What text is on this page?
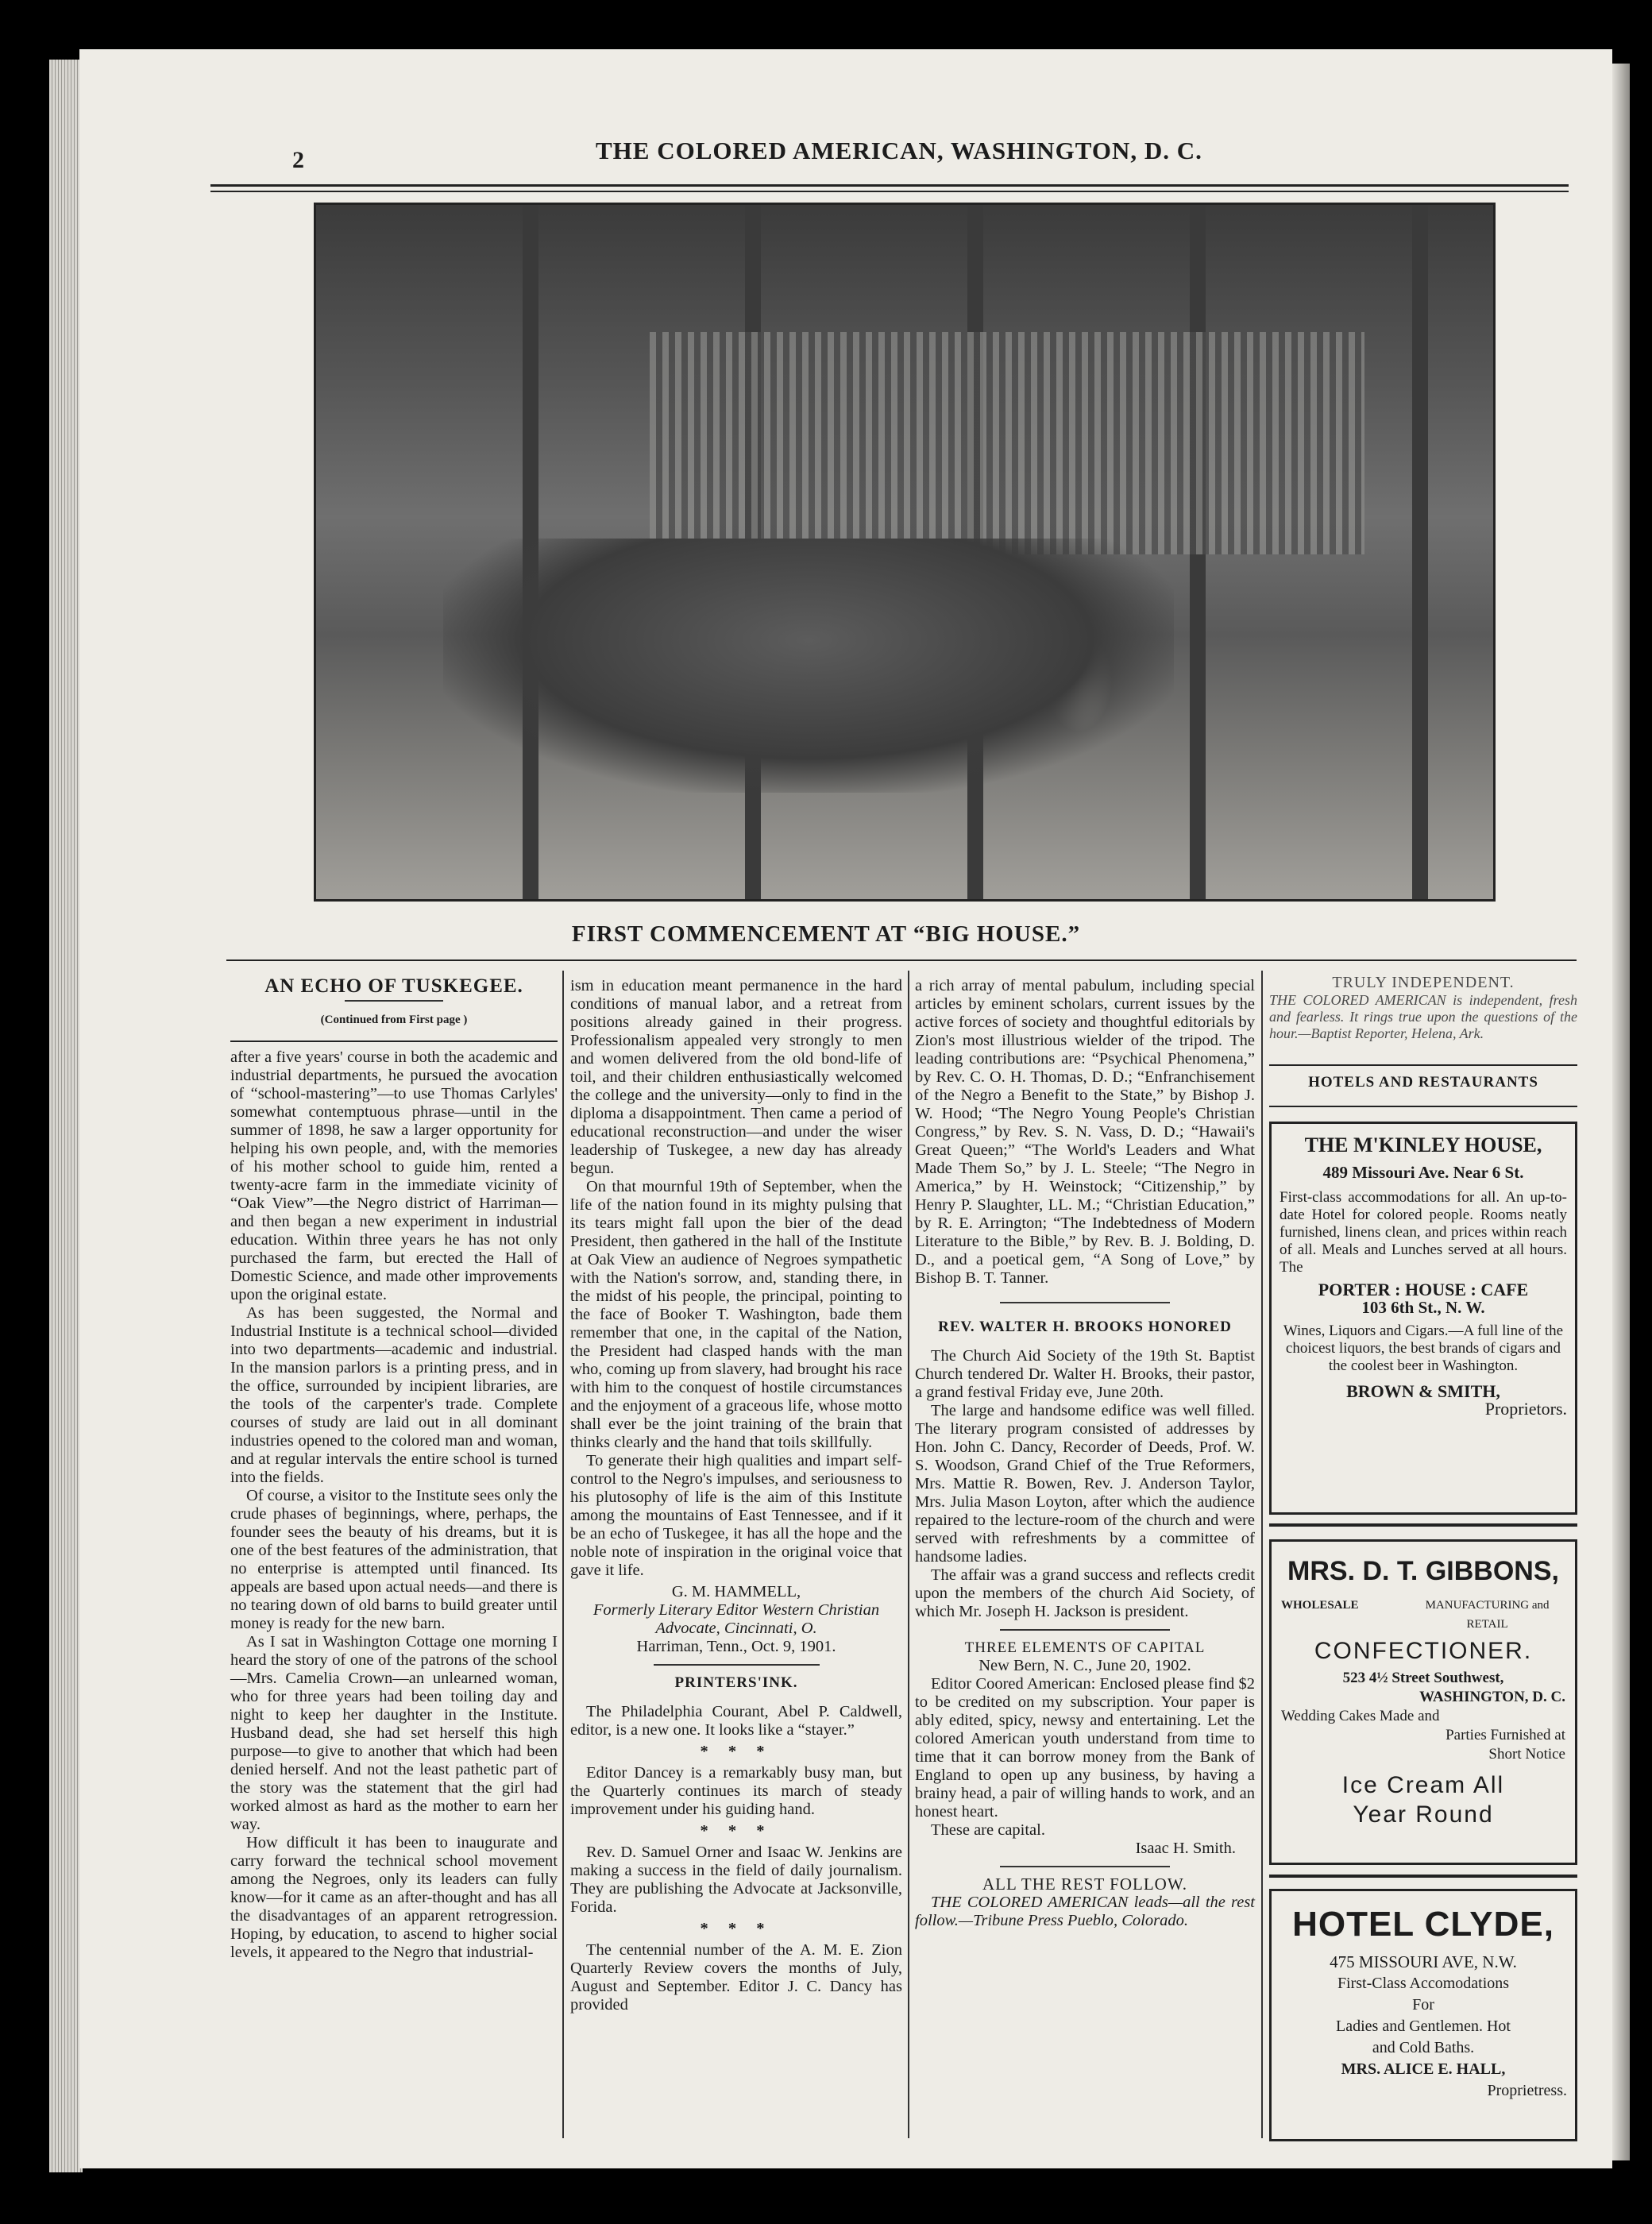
2	THE COLORED AMERICAN, WASHINGTON, D. C.
FIRST COMMENCEMENT AT “BIG HOUSE.”
AN ECHO OF TUSKEGEE.
(Continued from First page )

after a five years' course in both the academic and industrial departments, he pursued the avocation of “school-mastering”—to use Thomas Carlyles' somewhat contemptuous phrase—until in the summer of 1898, he saw a larger opportunity for helping his own people, and, with the memories of his mother school to guide him, rented a twenty-acre farm in the immediate vicinity of “Oak View”—the Negro district of Harriman—and then began a new experiment in industrial education. Within three years he has not only purchased the farm, but erected the Hall of Domestic Science, and made other improvements upon the original estate.

As has been suggested, the Normal and Industrial Institute is a technical school—divided into two departments—academic and industrial. In the mansion parlors is a printing press, and in the office, surrounded by incipient libraries, are the tools of the carpenter's trade. Complete courses of study are laid out in all dominant industries opened to the colored man and woman, and at regular intervals the entire school is turned into the fields.

Of course, a visitor to the Institute sees only the crude phases of beginnings, where, perhaps, the founder sees the beauty of his dreams, but it is one of the best features of the administration, that no enterprise is attempted until financed. Its appeals are based upon actual needs—and there is no tearing down of old barns to build greater until money is ready for the new barn.

As I sat in Washington Cottage one morning I heard the story of one of the patrons of the school—Mrs. Camelia Crown—an unlearned woman, who for three years had been toiling day and night to keep her daughter in the Institute. Husband dead, she had set herself this high purpose—to give to another that which had been denied herself. And not the least pathetic part of the story was the statement that the girl had worked almost as hard as the mother to earn her way.

How difficult it has been to inaugurate and carry forward the technical school movement among the Negroes, only its leaders can fully know—for it came as an after-thought and has all the disadvantages of an apparent retrogression. Hoping, by education, to ascend to higher social levels, it appeared to the Negro that industrial-

ism in education meant permanence in the hard conditions of manual labor, and a retreat from positions already gained in their progress. Professionalism appealed very strongly to men and women delivered from the old bond-life of toil, and their children enthusiastically welcomed the college and the university—only to find in the diploma a disappointment. Then came a period of educational reconstruction—and under the wiser leadership of Tuskegee, a new day has already begun.

On that mournful 19th of September, when the life of the nation found in its mighty pulsing that its tears might fall upon the bier of the dead President, then gathered in the hall of the Institute at Oak View an audience of Negroes sympathetic with the Nation's sorrow, and, standing there, in the midst of his people, the principal, pointing to the face of Booker T. Washington, bade them remember that one, in the capital of the Nation, the President had clasped hands with the man who, coming up from slavery, had brought his race with him to the conquest of hostile circumstances and the enjoyment of a graceous life, whose motto shall ever be the joint training of the brain that thinks clearly and the hand that toils skillfully.

To generate their high qualities and impart self-control to the Negro's impulses, and seriousness to his plutosophy of life is the aim of this Institute among the mountains of East Tennessee, and if it be an echo of Tuskegee, it has all the hope and the noble note of inspiration in the original voice that gave it life.

G. M. HAMMELL,
Formerly Literary Editor Western Christian Advocate, Cincinnati, O.
Harriman, Tenn., Oct. 9, 1901.
PRINTERS'INK.

The Philadelphia Courant, Abel P. Caldwell, editor, is a new one. It looks like a “stayer.”

* * *

Editor Dancey is a remarkably busy man, but the Quarterly continues its march of steady improvement under his guiding hand.

* * *

Rev. D. Samuel Orner and Isaac W. Jenkins are making a success in the field of daily journalism. They are publishing the Advocate at Jacksonville, Forida.

* * *

The centennial number of the A. M. E. Zion Quarterly Review covers the months of July, August and September. Editor J. C. Dancy has provided

a rich array of mental pabulum, including special articles by eminent scholars, current issues by the active forces of society and thoughtful editorials by Zion's most illustrious wielder of the tripod. The leading contributions are: “Psychical Phenomena,” by Rev. C. O. H. Thomas, D. D.; “Enfranchisement of the Negro a Benefit to the State,” by Bishop J. W. Hood; “The Negro Young People's Christian Congress,” by Rev. S. N. Vass, D. D.; “Hawaii's Great Queen;” “The World's Leaders and What Made Them So,” by J. L. Steele; “The Negro in America,” by H. Weinstock; “Citizenship,” by Henry P. Slaughter, LL. M.; “Christian Education,” by R. E. Arrington; “The Indebtedness of Modern Literature to the Bible,” by Rev. B. J. Bolding, D. D., and a poetical gem, “A Song of Love,” by Bishop B. T. Tanner.

REV. WALTER H. BROOKS HONORED

The Church Aid Society of the 19th St. Baptist Church tendered Dr. Walter H. Brooks, their pastor, a grand festival Friday eve, June 20th.

The large and handsome edifice was well filled. The literary program consisted of addresses by Hon. John C. Dancy, Recorder of Deeds, Prof. W. S. Woodson, Grand Chief of the True Reformers, Mrs. Mattie R. Bowen, Rev. J. Anderson Taylor, Mrs. Julia Mason Loyton, after which the audience repaired to the lecture-room of the church and were served with refreshments by a committee of handsome ladies.

The affair was a grand success and reflects credit upon the members of the church Aid Society, of which Mr. Joseph H. Jackson is president.

THREE ELEMENTS OF CAPITAL
New Bern, N. C., June 20, 1902.

Editor Coored American: Enclosed please find $2 to be credited on my subscription. Your paper is ably edited, spicy, newsy and entertaining. Let the colored American youth understand from time to time that it can borrow money from the Bank of England to open up any business, by having a brainy head, a pair of willing hands to work, and an honest heart.

These are capital.

Isaac H. Smith.
ALL THE REST FOLLOW.

THE COLORED AMERICAN leads—all the rest follow.—Tribune Press Pueblo, Colorado.

TRULY INDEPENDENT.
THE COLORED AMERICAN is independent, fresh and fearless. It rings true upon the questions of the hour.—Baptist Reporter, Helena, Ark.
HOTELS AND RESTAURANTS
THE M'KINLEY HOUSE,
489 Missouri Ave. Near 6 St.
First-class accommodations for all. An up-to-date Hotel for colored people. Rooms neatly furnished, linens clean, and prices within reach of all. Meals and Lunches served at all hours. The
PORTER : HOUSE : CAFE
103 6th St., N. W.
Wines, Liquors and Cigars.—A full line of the choicest liquors, the best brands of cigars and the coolest beer in Washington.
BROWN & SMITH,
Proprietors.
MRS. D. T. GIBBONS,
WHOLESALE	MANUFACTURING and RETAIL
CONFECTIONER.
523 4½ Street Southwest,
WASHINGTON, D. C.
Wedding Cakes Made and
Parties Furnished at
Short Notice
Ice Cream All
Year Round
HOTEL CLYDE,
475 MISSOURI AVE, N.W.
First-Class Accomodations
For
Ladies and Gentlemen. Hot
and Cold Baths.
MRS. ALICE E. HALL,
Proprietress.
